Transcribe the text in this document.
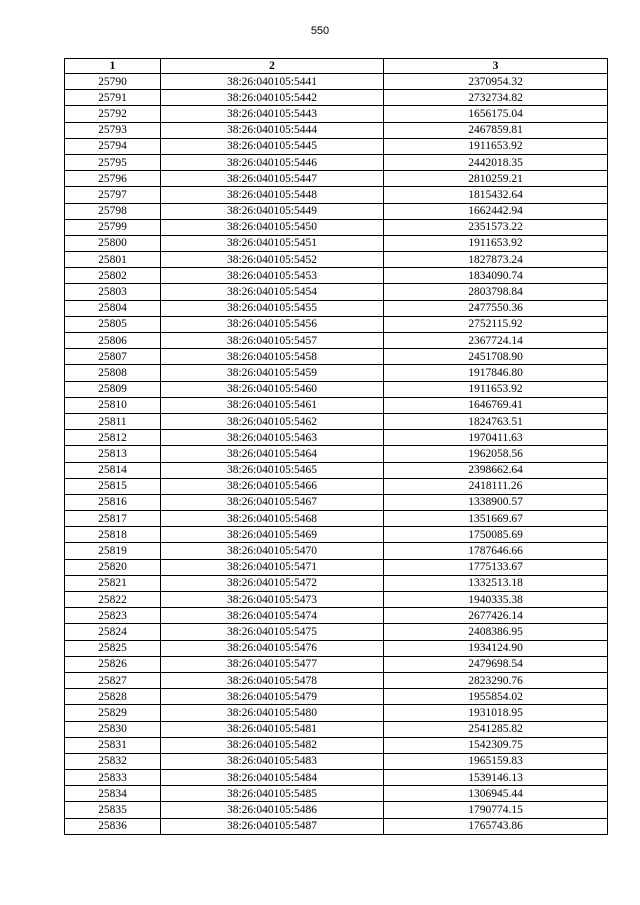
550
1	2	3
25790	38:26:040105:5441	2370954.32
25791	38:26:040105:5442	2732734.82
25792	38:26:040105:5443	1656175.04
25793	38:26:040105:5444	2467859.81
25794	38:26:040105:5445	1911653.92
25795	38:26:040105:5446	2442018.35
25796	38:26:040105:5447	2810259.21
25797	38:26:040105:5448	1815432.64
25798	38:26:040105:5449	1662442.94
25799	38:26:040105:5450	2351573.22
25800	38:26:040105:5451	1911653.92
25801	38:26:040105:5452	1827873.24
25802	38:26:040105:5453	1834090.74
25803	38:26:040105:5454	2803798.84
25804	38:26:040105:5455	2477550.36
25805	38:26:040105:5456	2752115.92
25806	38:26:040105:5457	2367724.14
25807	38:26:040105:5458	2451708.90
25808	38:26:040105:5459	1917846.80
25809	38:26:040105:5460	1911653.92
25810	38:26:040105:5461	1646769.41
25811	38:26:040105:5462	1824763.51
25812	38:26:040105:5463	1970411.63
25813	38:26:040105:5464	1962058.56
25814	38:26:040105:5465	2398662.64
25815	38:26:040105:5466	2418111.26
25816	38:26:040105:5467	1338900.57
25817	38:26:040105:5468	1351669.67
25818	38:26:040105:5469	1750085.69
25819	38:26:040105:5470	1787646.66
25820	38:26:040105:5471	1775133.67
25821	38:26:040105:5472	1332513.18
25822	38:26:040105:5473	1940335.38
25823	38:26:040105:5474	2677426.14
25824	38:26:040105:5475	2408386.95
25825	38:26:040105:5476	1934124.90
25826	38:26:040105:5477	2479698.54
25827	38:26:040105:5478	2823290.76
25828	38:26:040105:5479	1955854.02
25829	38:26:040105:5480	1931018.95
25830	38:26:040105:5481	2541285.82
25831	38:26:040105:5482	1542309.75
25832	38:26:040105:5483	1965159.83
25833	38:26:040105:5484	1539146.13
25834	38:26:040105:5485	1306945.44
25835	38:26:040105:5486	1790774.15
25836	38:26:040105:5487	1765743.86
